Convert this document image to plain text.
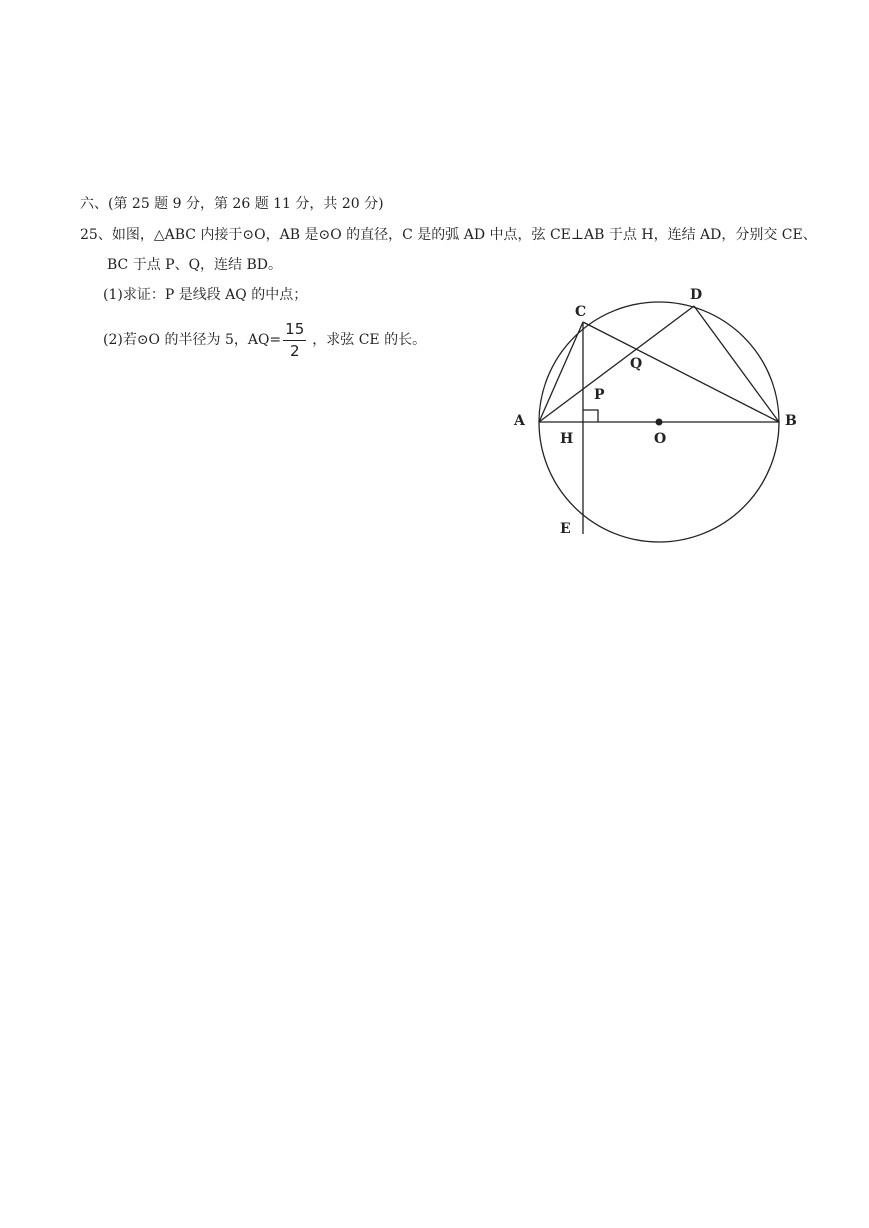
六、(第 25 题 9 分，第 26 题 11 分，共 20 分)
25、如图，△ABC 内接于⊙O，AB 是⊙O 的直径，C 是的弧 AD 中点，弦 CE⊥AB 于点 H，连结 AD，分别交 CE、
BC 于点 P、Q，连结 BD。
(1)求证：P 是线段 AQ 的中点；
(2)若⊙O 的半径为 5，$AQ= \frac{15}{2}$ ，求弦 CE 的长。
A	B
C
D
E
H	O
P
Q
